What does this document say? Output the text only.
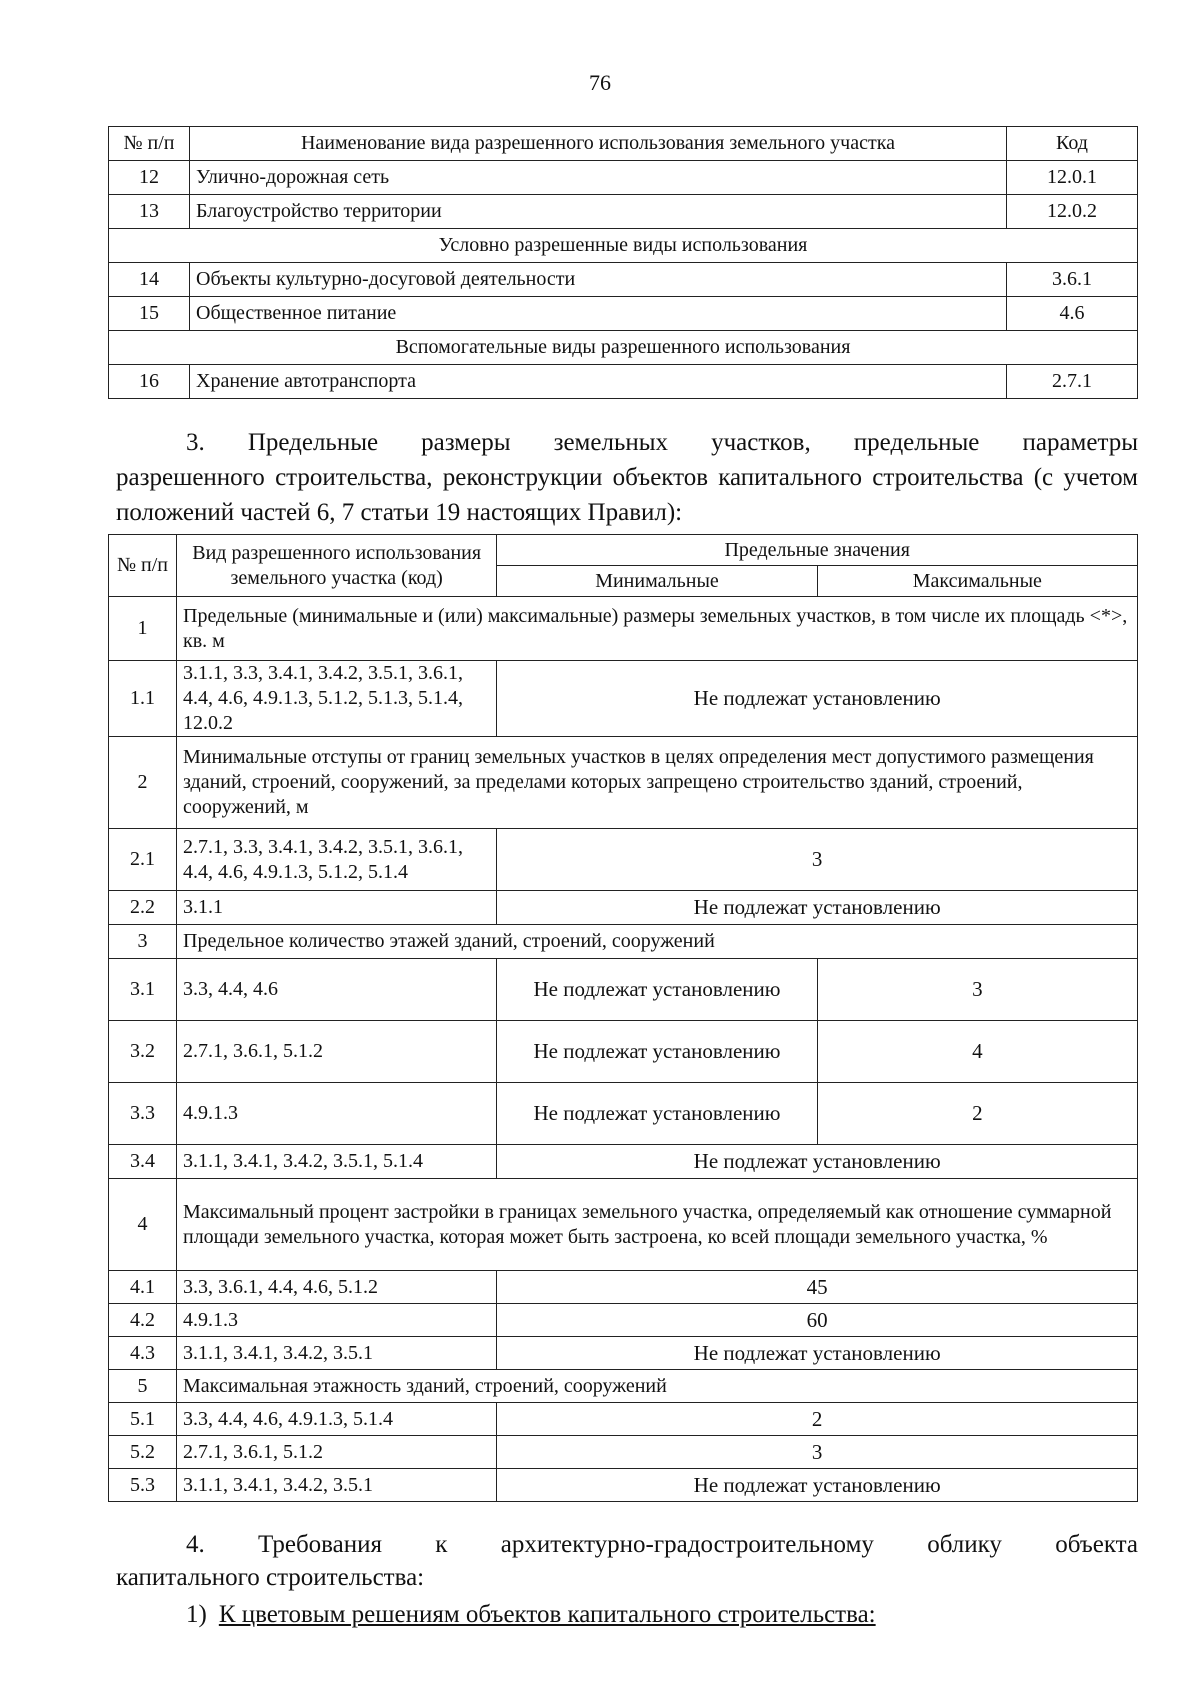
76
№ п/п	Наименование вида разрешенного использования земельного участка	Код
12	Улично-дорожная сеть	12.0.1
13	Благоустройство территории	12.0.2
Условно разрешенные виды использования		
14	Объекты культурно-досуговой деятельности	3.6.1
15	Общественное питание	4.6
Вспомогательные виды разрешенного использования		
16	Хранение автотранспорта	2.7.1
3. Предельные размеры земельных участков, предельные параметры
разрешенного строительства, реконструкции объектов капитального строительства (с учетом положений частей 6, 7 статьи 19 настоящих Правил):
№ п/п	Вид разрешенного использования земельного участка (код)	Предельные значения	
		Минимальные	Максимальные
1	Предельные (минимальные и (или) максимальные) размеры земельных участков, в том числе их площадь <*>, кв. м		
1.1	3.1.1, 3.3, 3.4.1, 3.4.2, 3.5.1, 3.6.1, 4.4, 4.6, 4.9.1.3, 5.1.2, 5.1.3, 5.1.4, 12.0.2	Не подлежат установлению	
2	Минимальные отступы от границ земельных участков в целях определения мест допустимого размещения зданий, строений, сооружений, за пределами которых запрещено строительство зданий, строений, сооружений, м		
2.1	2.7.1, 3.3, 3.4.1, 3.4.2, 3.5.1, 3.6.1, 4.4, 4.6, 4.9.1.3, 5.1.2, 5.1.4	3	
2.2	3.1.1	Не подлежат установлению	
3	Предельное количество этажей зданий, строений, сооружений		
3.1	3.3, 4.4, 4.6	Не подлежат установлению	3
3.2	2.7.1, 3.6.1, 5.1.2	Не подлежат установлению	4
3.3	4.9.1.3	Не подлежат установлению	2
3.4	3.1.1, 3.4.1, 3.4.2, 3.5.1, 5.1.4	Не подлежат установлению	
4	Максимальный процент застройки в границах земельного участка, определяемый как отношение суммарной площади земельного участка, которая может быть застроена, ко всей площади земельного участка, %		
4.1	3.3, 3.6.1, 4.4, 4.6, 5.1.2	45	
4.2	4.9.1.3	60	
4.3	3.1.1, 3.4.1, 3.4.2, 3.5.1	Не подлежат установлению	
5	Максимальная этажность зданий, строений, сооружений		
5.1	3.3, 4.4, 4.6, 4.9.1.3, 5.1.4	2	
5.2	2.7.1, 3.6.1, 5.1.2	3	
5.3	3.1.1, 3.4.1, 3.4.2, 3.5.1	Не подлежат установлению	
4. Требования к архитектурно-градостроительному облику объекта
капитального строительства:
1) К цветовым решениям объектов капитального строительства:
